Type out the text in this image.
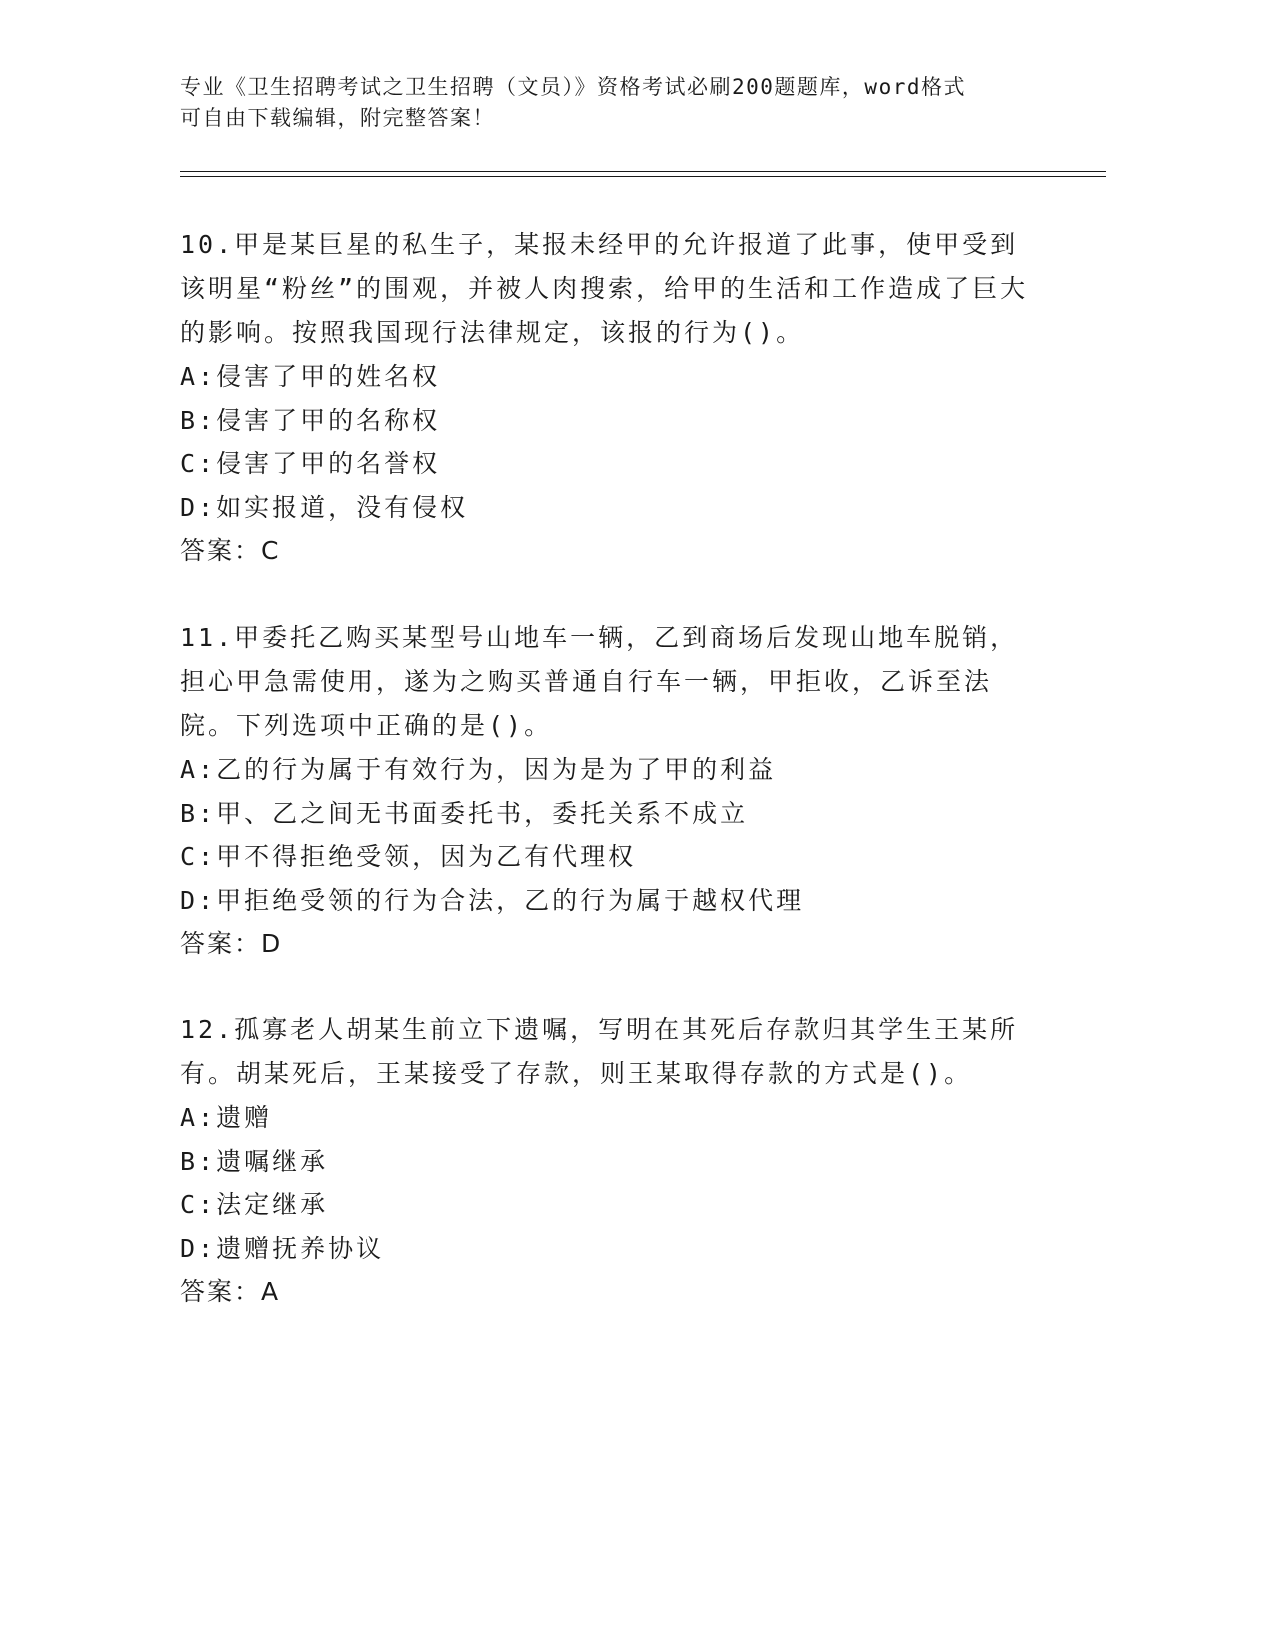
专业《卫生招聘考试之卫生招聘（文员）》资格考试必刷200题题库，word格式
可自由下载编辑，附完整答案！

10.甲是某巨星的私生子，某报未经甲的允许报道了此事，使甲受到该明星“粉丝”的围观，并被人肉搜索，给甲的生活和工作造成了巨大的影响。按照我国现行法律规定，该报的行为()。

A:侵害了甲的姓名权

B:侵害了甲的名称权

C:侵害了甲的名誉权

D:如实报道，没有侵权

答案：C

11.甲委托乙购买某型号山地车一辆，乙到商场后发现山地车脱销，担心甲急需使用，遂为之购买普通自行车一辆，甲拒收，乙诉至法院。下列选项中正确的是()。

A:乙的行为属于有效行为，因为是为了甲的利益

B:甲、乙之间无书面委托书，委托关系不成立

C:甲不得拒绝受领，因为乙有代理权

D:甲拒绝受领的行为合法，乙的行为属于越权代理

答案：D

12.孤寡老人胡某生前立下遗嘱，写明在其死后存款归其学生王某所有。胡某死后，王某接受了存款，则王某取得存款的方式是()。

A:遗赠

B:遗嘱继承

C:法定继承

D:遗赠抚养协议

答案：A
